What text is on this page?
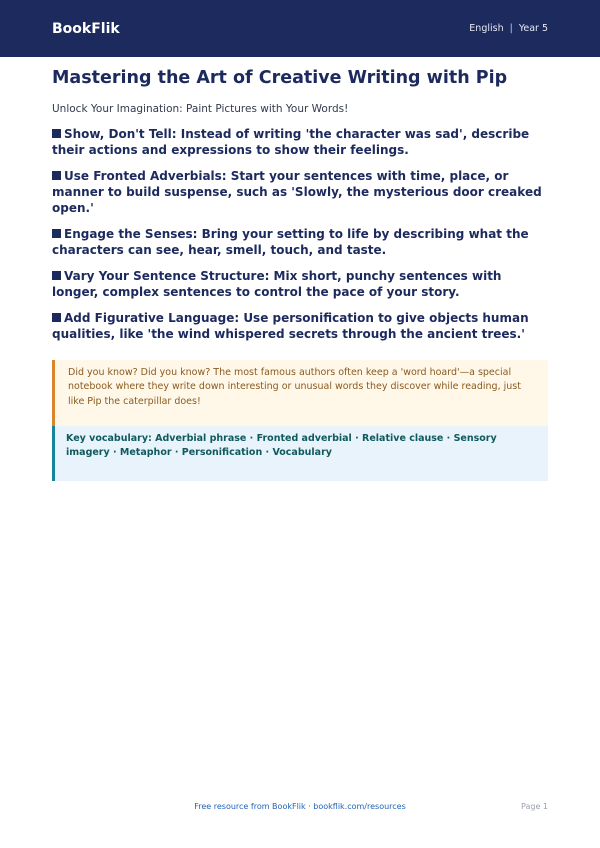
BookFlik	English | Year 5
Mastering the Art of Creative Writing with Pip

Unlock Your Imagination: Paint Pictures with Your Words!

Show, Don't Tell: Instead of writing 'the character was sad', describe their actions and expressions to show their feelings.
Use Fronted Adverbials: Start your sentences with time, place, or manner to build suspense, such as 'Slowly, the mysterious door creaked open.'
Engage the Senses: Bring your setting to life by describing what the characters can see, hear, smell, touch, and taste.
Vary Your Sentence Structure: Mix short, punchy sentences with longer, complex sentences to control the pace of your story.
Add Figurative Language: Use personification to give objects human qualities, like 'the wind whispered secrets through the ancient trees.'
Did you know? Did you know? The most famous authors often keep a 'word hoard'—a special notebook where they write down interesting or unusual words they discover while reading, just like Pip the caterpillar does!
Key vocabulary: Adverbial phrase · Fronted adverbial · Relative clause · Sensory imagery · Metaphor · Personification · Vocabulary
Free resource from BookFlik · bookflik.com/resources	Page 1
